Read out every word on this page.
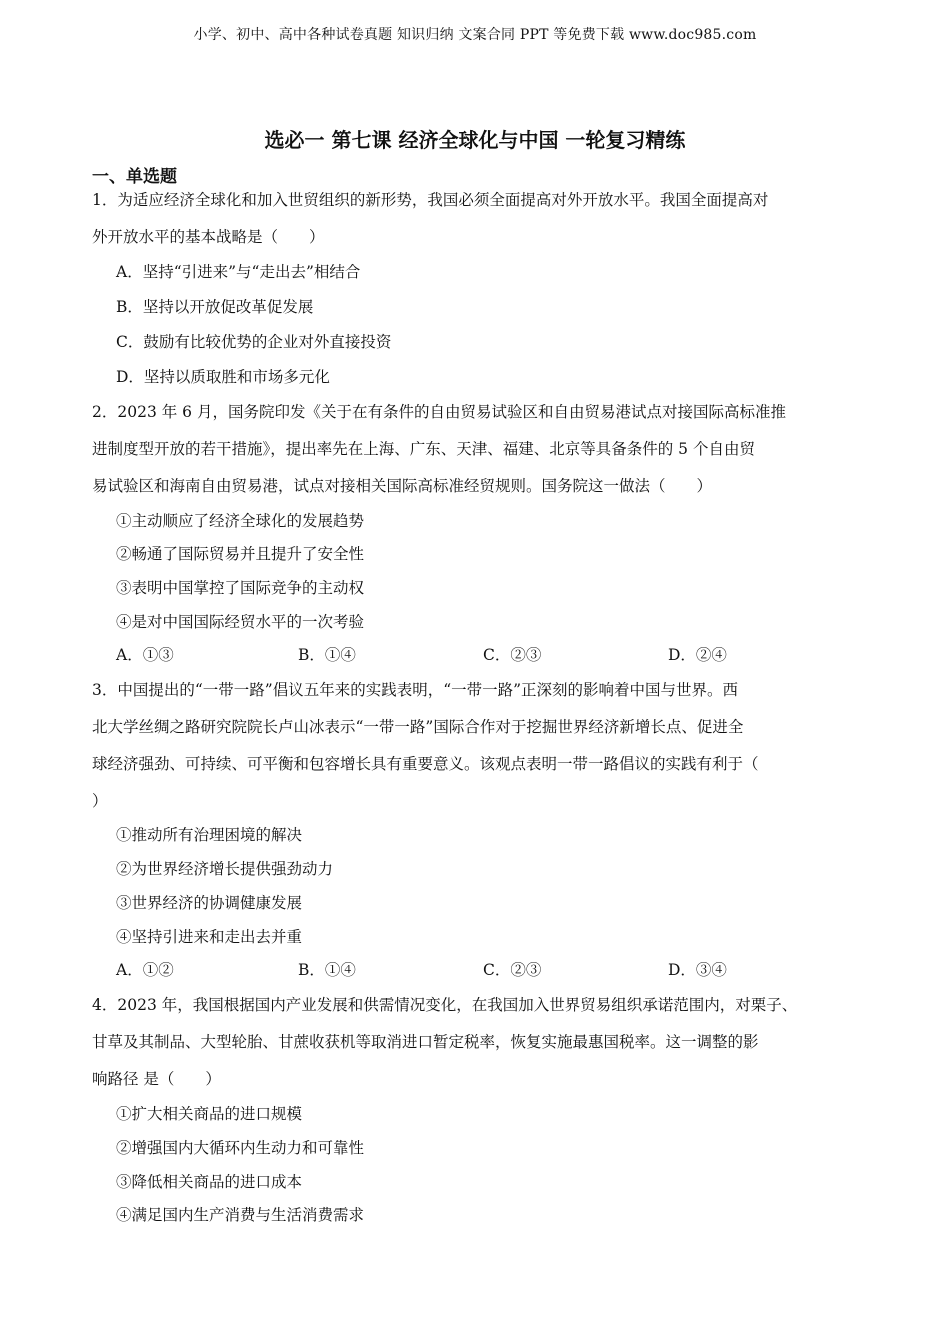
小学、初中、高中各种试卷真题 知识归纳 文案合同 PPT 等免费下载 www.doc985.com
选必一 第七课 经济全球化与中国 一轮复习精练
一、单选题
1．为适应经济全球化和加入世贸组织的新形势，我国必须全面提高对外开放水平。我国全面提高对
外开放水平的基本战略是（　　）
A．坚持“引进来”与“走出去”相结合
B．坚持以开放促改革促发展
C．鼓励有比较优势的企业对外直接投资
D．坚持以质取胜和市场多元化
2．2023 年 6 月，国务院印发《关于在有条件的自由贸易试验区和自由贸易港试点对接国际高标准推
进制度型开放的若干措施》，提出率先在上海、广东、天津、福建、北京等具备条件的 5 个自由贸
易试验区和海南自由贸易港，试点对接相关国际高标准经贸规则。国务院这一做法（　　）
①主动顺应了经济全球化的发展趋势
②畅通了国际贸易并且提升了安全性
③表明中国掌控了国际竞争的主动权
④是对中国国际经贸水平的一次考验
A．①③	B．①④	C．②③	D．②④
3．中国提出的“一带一路”倡议五年来的实践表明，“一带一路”正深刻的影响着中国与世界。西
北大学丝绸之路研究院院长卢山冰表示“一带一路”国际合作对于挖掘世界经济新增长点、促进全
球经济强劲、可持续、可平衡和包容增长具有重要意义。该观点表明一带一路倡议的实践有利于（
）
①推动所有治理困境的解决
②为世界经济增长提供强劲动力
③世界经济的协调健康发展
④坚持引进来和走出去并重
A．①②	B．①④	C．②③	D．③④
4．2023 年，我国根据国内产业发展和供需情况变化，在我国加入世界贸易组织承诺范围内，对栗子、
甘草及其制品、大型轮胎、甘蔗收获机等取消进口暂定税率，恢复实施最惠国税率。这一调整的影
响路径 是（　　）
①扩大相关商品的进口规模
②增强国内大循环内生动力和可靠性
③降低相关商品的进口成本
④满足国内生产消费与生活消费需求
